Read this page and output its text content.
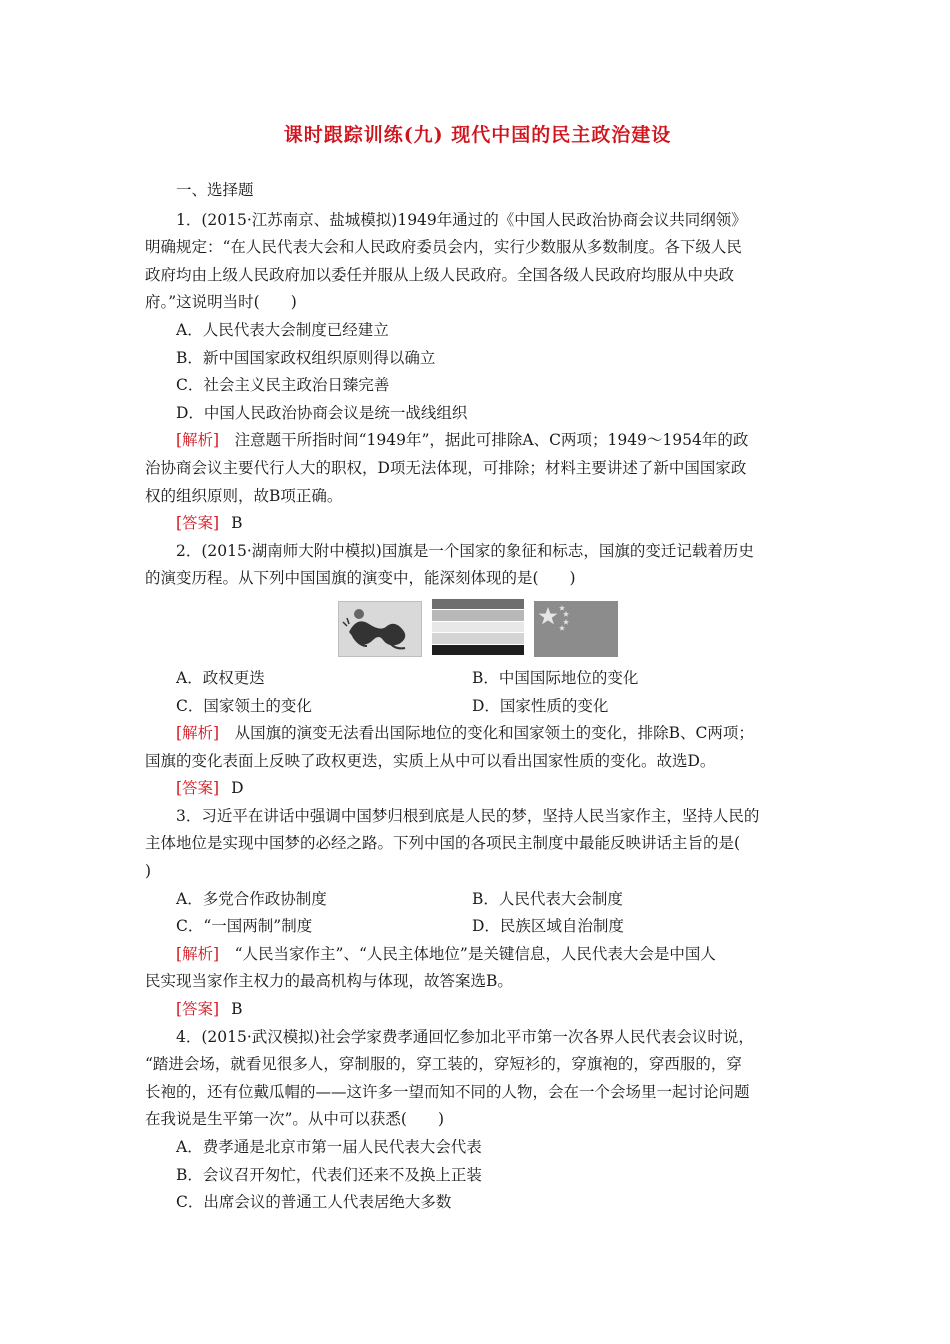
课时跟踪训练(九) 现代中国的民主政治建设
一、选择题

1．(2015·江苏南京、盐城模拟)1949年通过的《中国人民政治协商会议共同纲领》

明确规定：“在人民代表大会和人民政府委员会内，实行少数服从多数制度。各下级人民

政府均由上级人民政府加以委任并服从上级人民政府。全国各级人民政府均服从中央政

府。”这说明当时(　　)

A．人民代表大会制度已经建立

B．新中国国家政权组织原则得以确立

C．社会主义民主政治日臻完善

D．中国人民政治协商会议是统一战线组织

[解析]　 注意题干所指时间“1949年”，据此可排除A、C两项；1949～1954年的政

治协商会议主要代行人大的职权，D项无法体现，可排除；材料主要讲述了新中国国家政

权的组织原则，故B项正确。

[答案] B

2．(2015·湖南师大附中模拟)国旗是一个国家的象征和标志，国旗的变迁记载着历史

的演变历程。从下列中国国旗的演变中，能深刻体现的是(　　)

A．政权更迭	B．中国国际地位的变化
C．国家领土的变化	D．国家性质的变化

[解析]　 从国旗的演变无法看出国际地位的变化和国家领土的变化，排除B、C两项；

国旗的变化表面上反映了政权更迭，实质上从中可以看出国家性质的变化。故选D。

[答案] D

3．习近平在讲话中强调中国梦归根到底是人民的梦，坚持人民当家作主，坚持人民的

主体地位是实现中国梦的必经之路。下列中国的各项民主制度中最能反映讲话主旨的是(

)

A．多党合作政协制度	B．人民代表大会制度
C．“一国两制”制度	D．民族区域自治制度

[解析]　 “人民当家作主”、“人民主体地位”是关键信息，人民代表大会是中国人

民实现当家作主权力的最高机构与体现，故答案选B。

[答案] B

4．(2015·武汉模拟)社会学家费孝通回忆参加北平市第一次各界人民代表会议时说，

“踏进会场，就看见很多人，穿制服的，穿工装的，穿短衫的，穿旗袍的，穿西服的，穿

长袍的，还有位戴瓜帽的——这许多一望而知不同的人物，会在一个会场里一起讨论问题

在我说是生平第一次”。从中可以获悉(　　)

A．费孝通是北京市第一届人民代表大会代表

B．会议召开匆忙，代表们还来不及换上正装

C．出席会议的普通工人代表居绝大多数
